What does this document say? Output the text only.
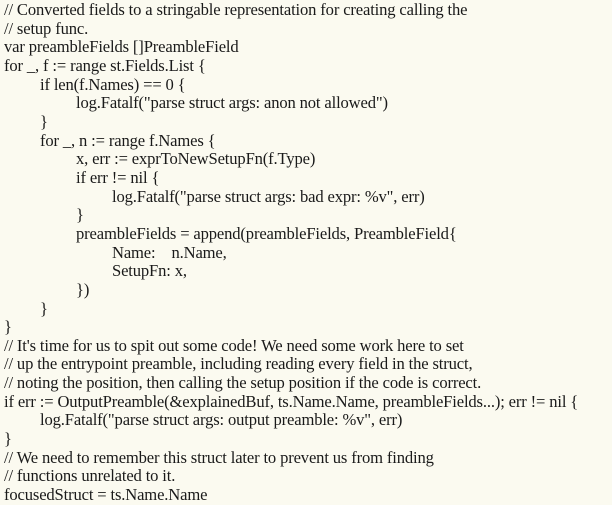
// Converted fields to a stringable representation for creating calling the
// setup func.
var preambleFields []PreambleField
for _, f := range st.Fields.List {
if len(f.Names) == 0 {
log.Fatalf("parse struct args: anon not allowed")
}
for _, n := range f.Names {
x, err := exprToNewSetupFn(f.Type)
if err != nil {
log.Fatalf("parse struct args: bad expr: %v", err)
}
preambleFields = append(preambleFields, PreambleField{
Name:    n.Name,
SetupFn: x,
})
}
}
// It's time for us to spit out some code! We need some work here to set
// up the entrypoint preamble, including reading every field in the struct,
// noting the position, then calling the setup position if the code is correct.
if err := OutputPreamble(&explainedBuf, ts.Name.Name, preambleFields...); err != nil {
log.Fatalf("parse struct args: output preamble: %v", err)
}
// We need to remember this struct later to prevent us from finding
// functions unrelated to it.
focusedStruct = ts.Name.Name
